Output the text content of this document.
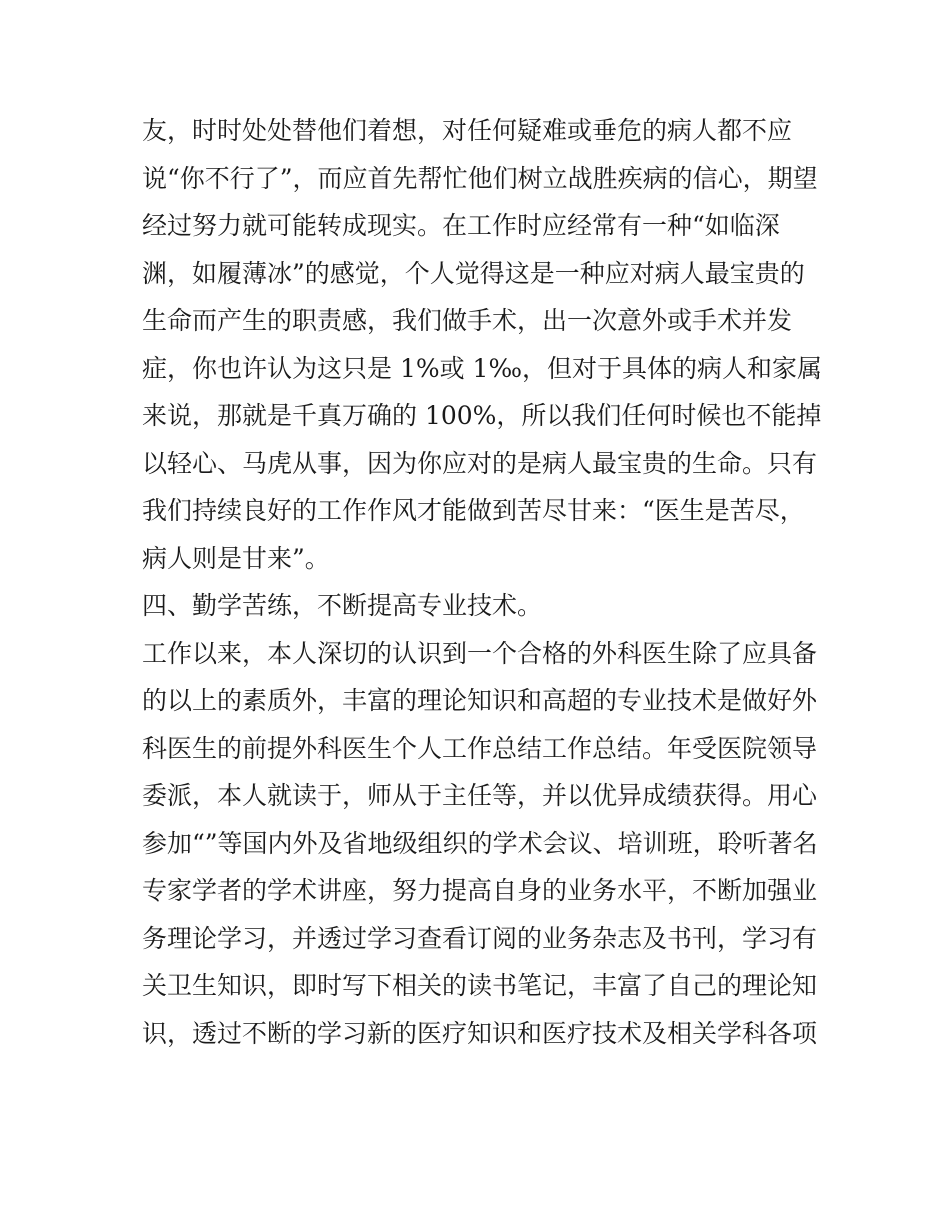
友，时时处处替他们着想，对任何疑难或垂危的病人都不应
说“你不行了”，而应首先帮忙他们树立战胜疾病的信心，期望
经过努力就可能转成现实。在工作时应经常有一种“如临深
渊，如履薄冰”的感觉，个人觉得这是一种应对病人最宝贵的
生命而产生的职责感，我们做手术，出一次意外或手术并发
症，你也许认为这只是 1%或 1‰，但对于具体的病人和家属
来说，那就是千真万确的 100%，所以我们任何时候也不能掉
以轻心、马虎从事，因为你应对的是病人最宝贵的生命。只有
我们持续良好的工作作风才能做到苦尽甘来：“医生是苦尽，
病人则是甘来”。
四、勤学苦练，不断提高专业技术。
工作以来，本人深切的认识到一个合格的外科医生除了应具备
的以上的素质外，丰富的理论知识和高超的专业技术是做好外
科医生的前提外科医生个人工作总结工作总结。年受医院领导
委派，本人就读于，师从于主任等，并以优异成绩获得。用心
参加“”等国内外及省地级组织的学术会议、培训班，聆听著名
专家学者的学术讲座，努力提高自身的业务水平，不断加强业
务理论学习，并透过学习查看订阅的业务杂志及书刊，学习有
关卫生知识，即时写下相关的读书笔记，丰富了自己的理论知
识，透过不断的学习新的医疗知识和医疗技术及相关学科各项
